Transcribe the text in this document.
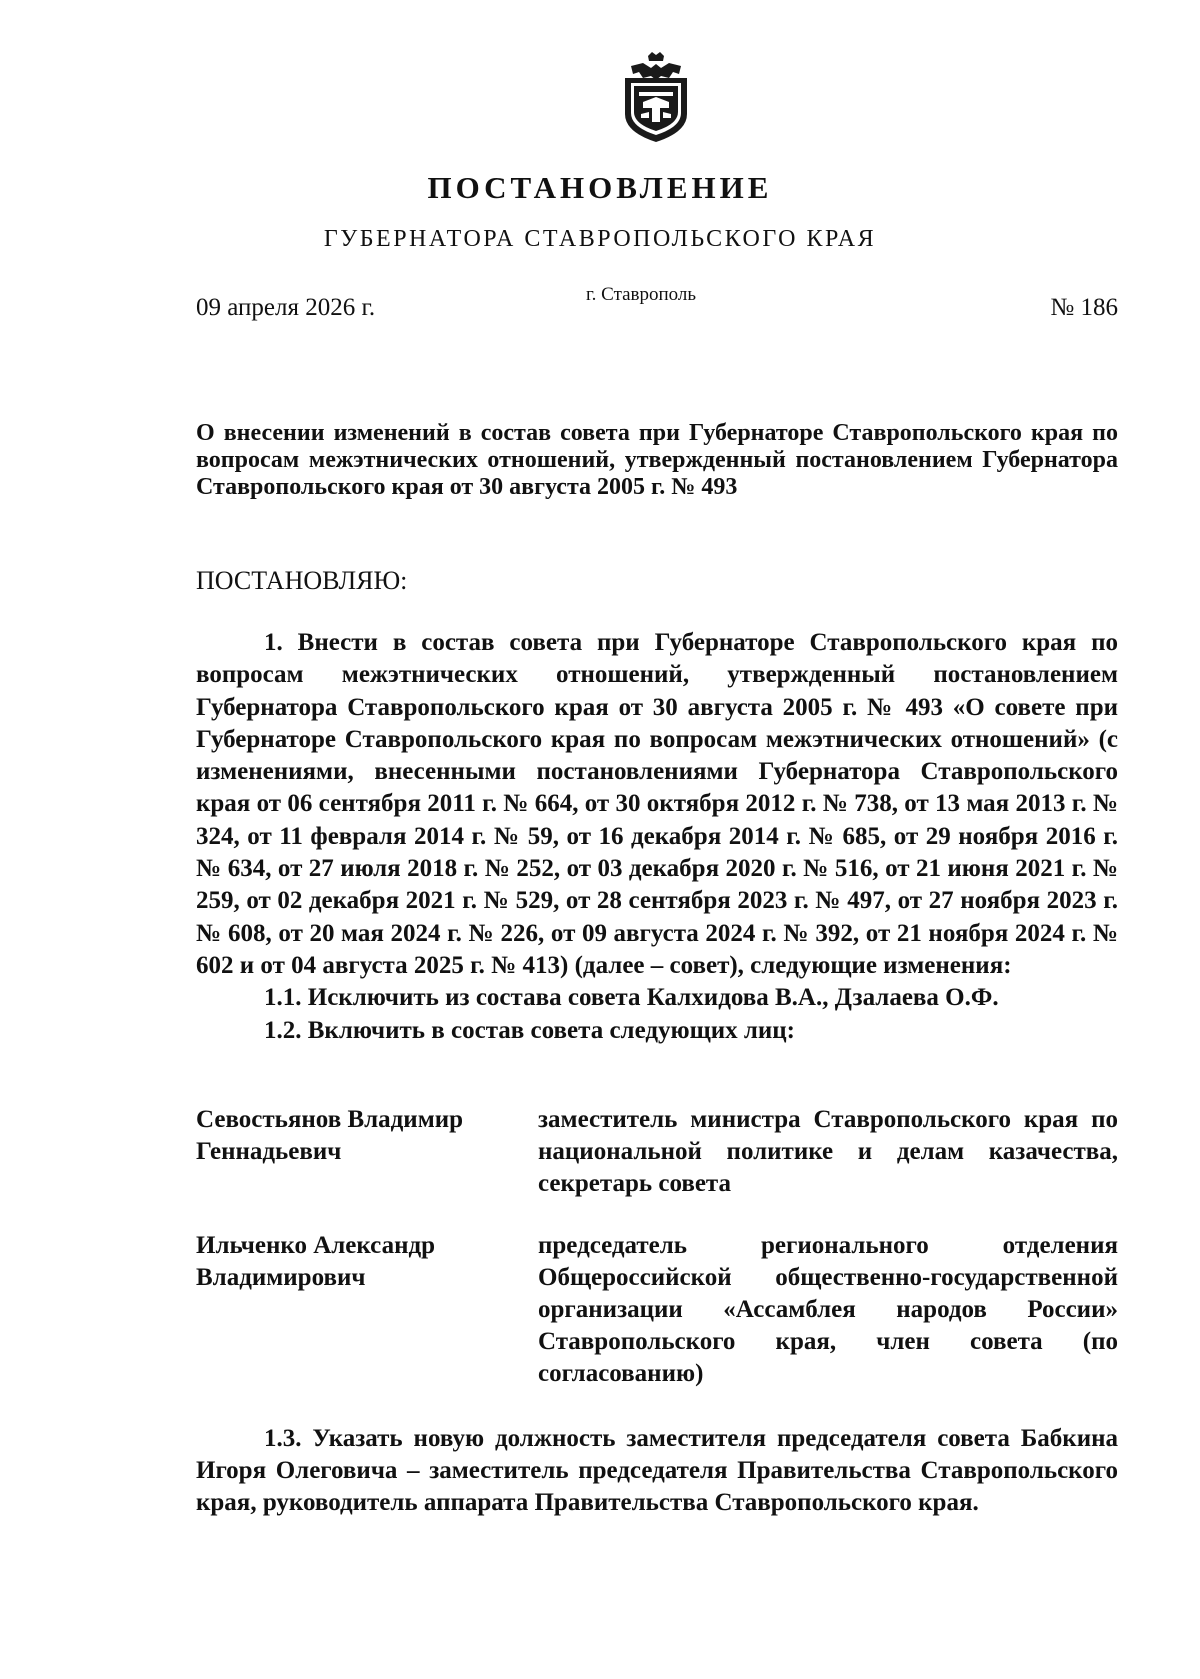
ПОСТАНОВЛЕНИЕ
ГУБЕРНАТОРА СТАВРОПОЛЬСКОГО КРАЯ
09 апреля 2026 г.	г. Ставрополь	№ 186
О внесении изменений в состав совета при Губернаторе Ставропольского края по вопросам межэтнических отношений, утвержденный постановлением Губернатора Ставропольского края от 30 августа 2005 г. № 493
ПОСТАНОВЛЯЮ:

1. Внести в состав совета при Губернаторе Ставропольского края по вопросам межэтнических отношений, утвержденный постановлением Губернатора Ставропольского края от 30 августа 2005 г. № 493 «О совете при Губернаторе Ставропольского края по вопросам межэтнических отношений» (с изменениями, внесенными постановлениями Губернатора Ставропольского края от 06 сентября 2011 г. № 664, от 30 октября 2012 г. № 738, от 13 мая 2013 г. № 324, от 11 февраля 2014 г. № 59, от 16 декабря 2014 г. № 685, от 29 ноября 2016 г. № 634, от 27 июля 2018 г. № 252, от 03 декабря 2020 г. № 516, от 21 июня 2021 г. № 259, от 02 декабря 2021 г. № 529, от 28 сентября 2023 г. № 497, от 27 ноября 2023 г. № 608, от 20 мая 2024 г. № 226, от 09 августа 2024 г. № 392, от 21 ноября 2024 г. № 602 и от 04 августа 2025 г. № 413) (далее – совет), следующие изменения:

1.1. Исключить из состава совета Калхидова В.А., Дзалаева О.Ф.

1.2. Включить в состав совета следующих лиц:

Севостьянов Владимир Геннадьевич
заместитель министра Ставропольского края по национальной политике и делам казачества, секретарь совета
Ильченко Александр Владимирович
председатель регионального отделения Общероссийской общественно-государственной организации «Ассамблея народов России» Ставропольского края, член совета (по согласованию)
1.3. Указать новую должность заместителя председателя совета Бабкина Игоря Олеговича – заместитель председателя Правительства Ставропольского края, руководитель аппарата Правительства Ставропольского края.
